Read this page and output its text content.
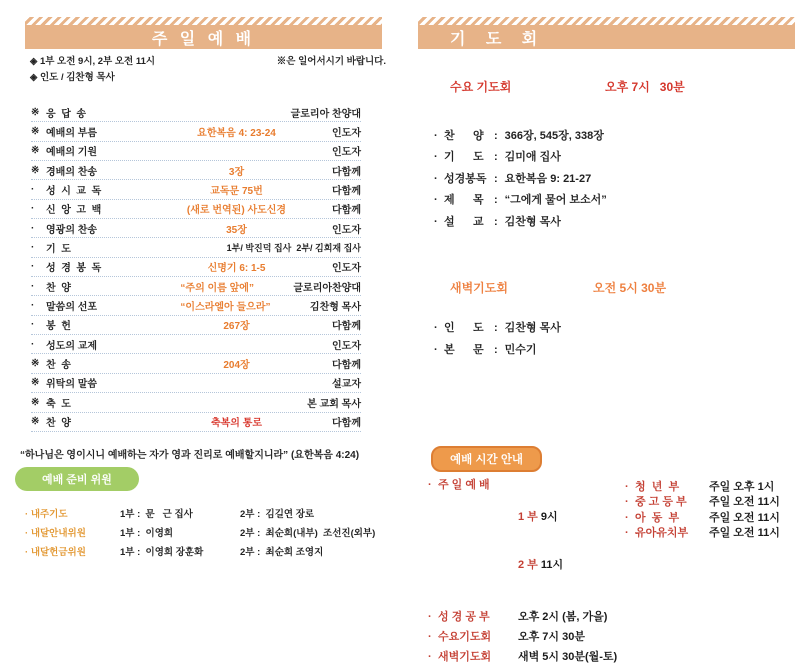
주 일 예 배
◈ 1부 오전 9시, 2부 오전 11시	※은 일어서시기 바랍니다.
◈ 인도 / 김찬형 목사
※ 응  답  송	글로리아 찬양대
※ 예배의 부름	요한복음 4: 23-24	인도자
※ 예배의 기원	인도자
※ 경배의 찬송	3장	다함께
·	성  시  교  독	교독문 75번	다함께
·	신  앙  고  백	(새로 번역된) 사도신경	다함께
·	영광의 찬송	35장	인도자
·	기  도	1부/ 박진덕 집사  2부/ 김희재 집사
·	성  경  봉  독	신명기 6: 1-5	인도자
·	찬  양	“주의 이름 앞에”	글로리아찬양대
·	말씀의 선포	“이스라엘아 들으라”	김찬형 목사
·	봉  헌	267장	다함께
·	성도의 교제	인도자
※ 찬  송	204장	다함께
※ 위탁의 말씀	설교자
※ 축  도	본 교회 목사
※ 찬  양	축복의 통로	다함께
“하나님은 영이시니 예배하는 자가 영과 진리로 예배할지니라” (요한복음 4:24)
예배 준비 위원
· 내주기도	1부 :  문   근 집사	2부 :  김길연 장로
· 내달안내위원	1부 :  이영희	2부 :  최순희(내부)  조선진(외부)
· 내달헌금위원	1부 :  이영희 장훈화	2부 :  최순희 조영지
기 도 회
수요 기도회	오후 7시   30분
· 찬      양 : 366장, 545장, 338장
· 기      도 : 김미애 집사
· 성경봉독 : 요한복음 9: 21-27
· 제      목 : “그에게 물어 보소서”
· 설      교 : 김찬형 목사
새벽기도회	오전 5시 30분
· 인      도 : 김찬형 목사
· 본      문 : 민수기
예배 시간 안내
· 주 일 예 배

1 부 9시

2 부 11시

· 성 경 공 부	오후 2시 (봄, 가을)
· 수요기도회	오후 7시 30분
· 새벽기도회	새벽 5시 30분(월-토)
· 청  년  부	주일 오후 1시
· 중 고 등 부	주일 오전 11시
· 아  동  부	주일 오전 11시
· 유아유치부	주일 오전 11시
